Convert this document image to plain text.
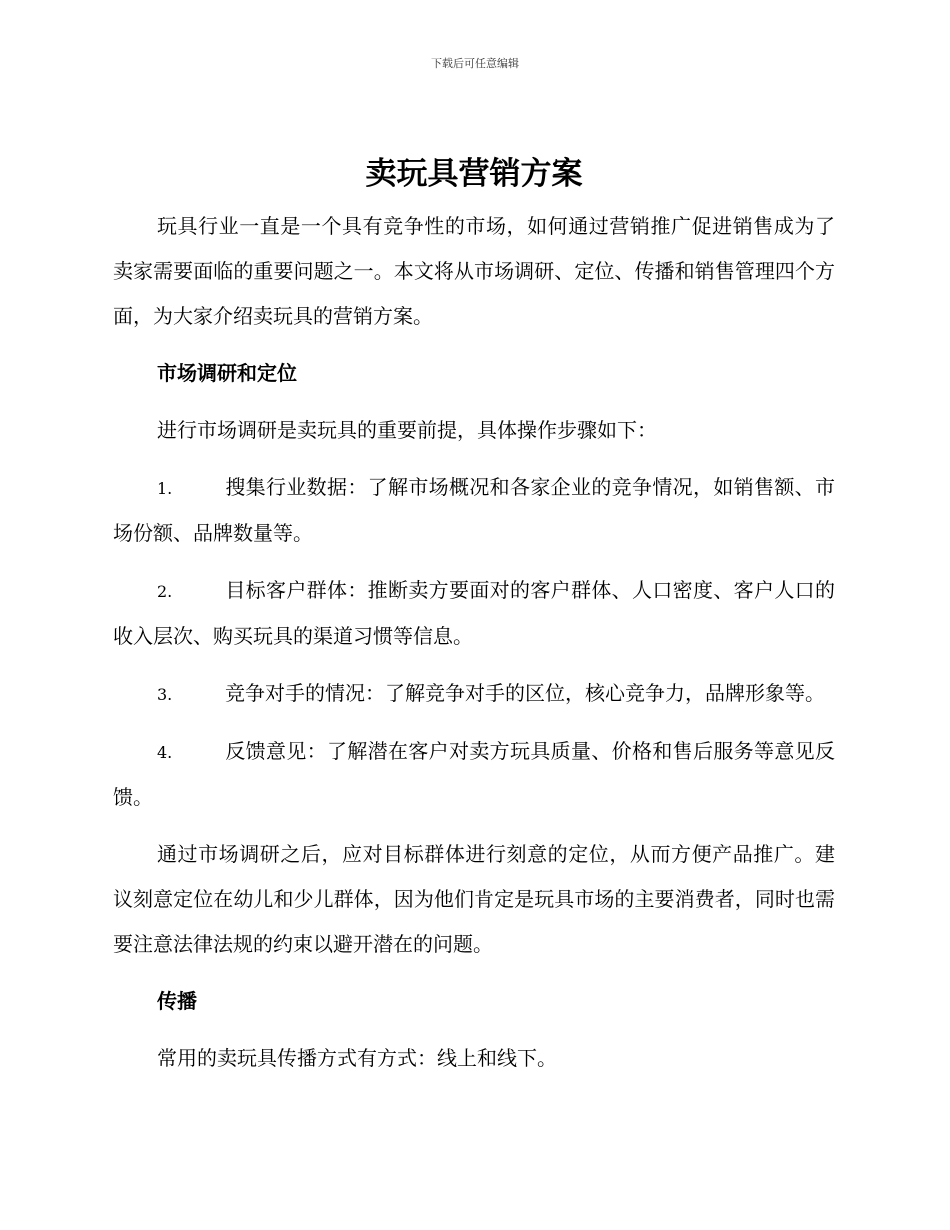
下载后可任意编辑
卖玩具营销方案

玩具行业一直是一个具有竞争性的市场，如何通过营销推广促进销售成为了卖家需要面临的重要问题之一。本文将从市场调研、定位、传播和销售管理四个方面，为大家介绍卖玩具的营销方案。

市场调研和定位

进行市场调研是卖玩具的重要前提，具体操作步骤如下：

1.	搜集行业数据：了解市场概况和各家企业的竞争情况，如销售额、市场份额、品牌数量等。
2.	目标客户群体：推断卖方要面对的客户群体、人口密度、客户人口的收入层次、购买玩具的渠道习惯等信息。
3.	竞争对手的情况：了解竞争对手的区位，核心竞争力，品牌形象等。
4.	反馈意见：了解潜在客户对卖方玩具质量、价格和售后服务等意见反馈。

通过市场调研之后，应对目标群体进行刻意的定位，从而方便产品推广。建议刻意定位在幼儿和少儿群体，因为他们肯定是玩具市场的主要消费者，同时也需要注意法律法规的约束以避开潜在的问题。

传播

常用的卖玩具传播方式有方式：线上和线下。
